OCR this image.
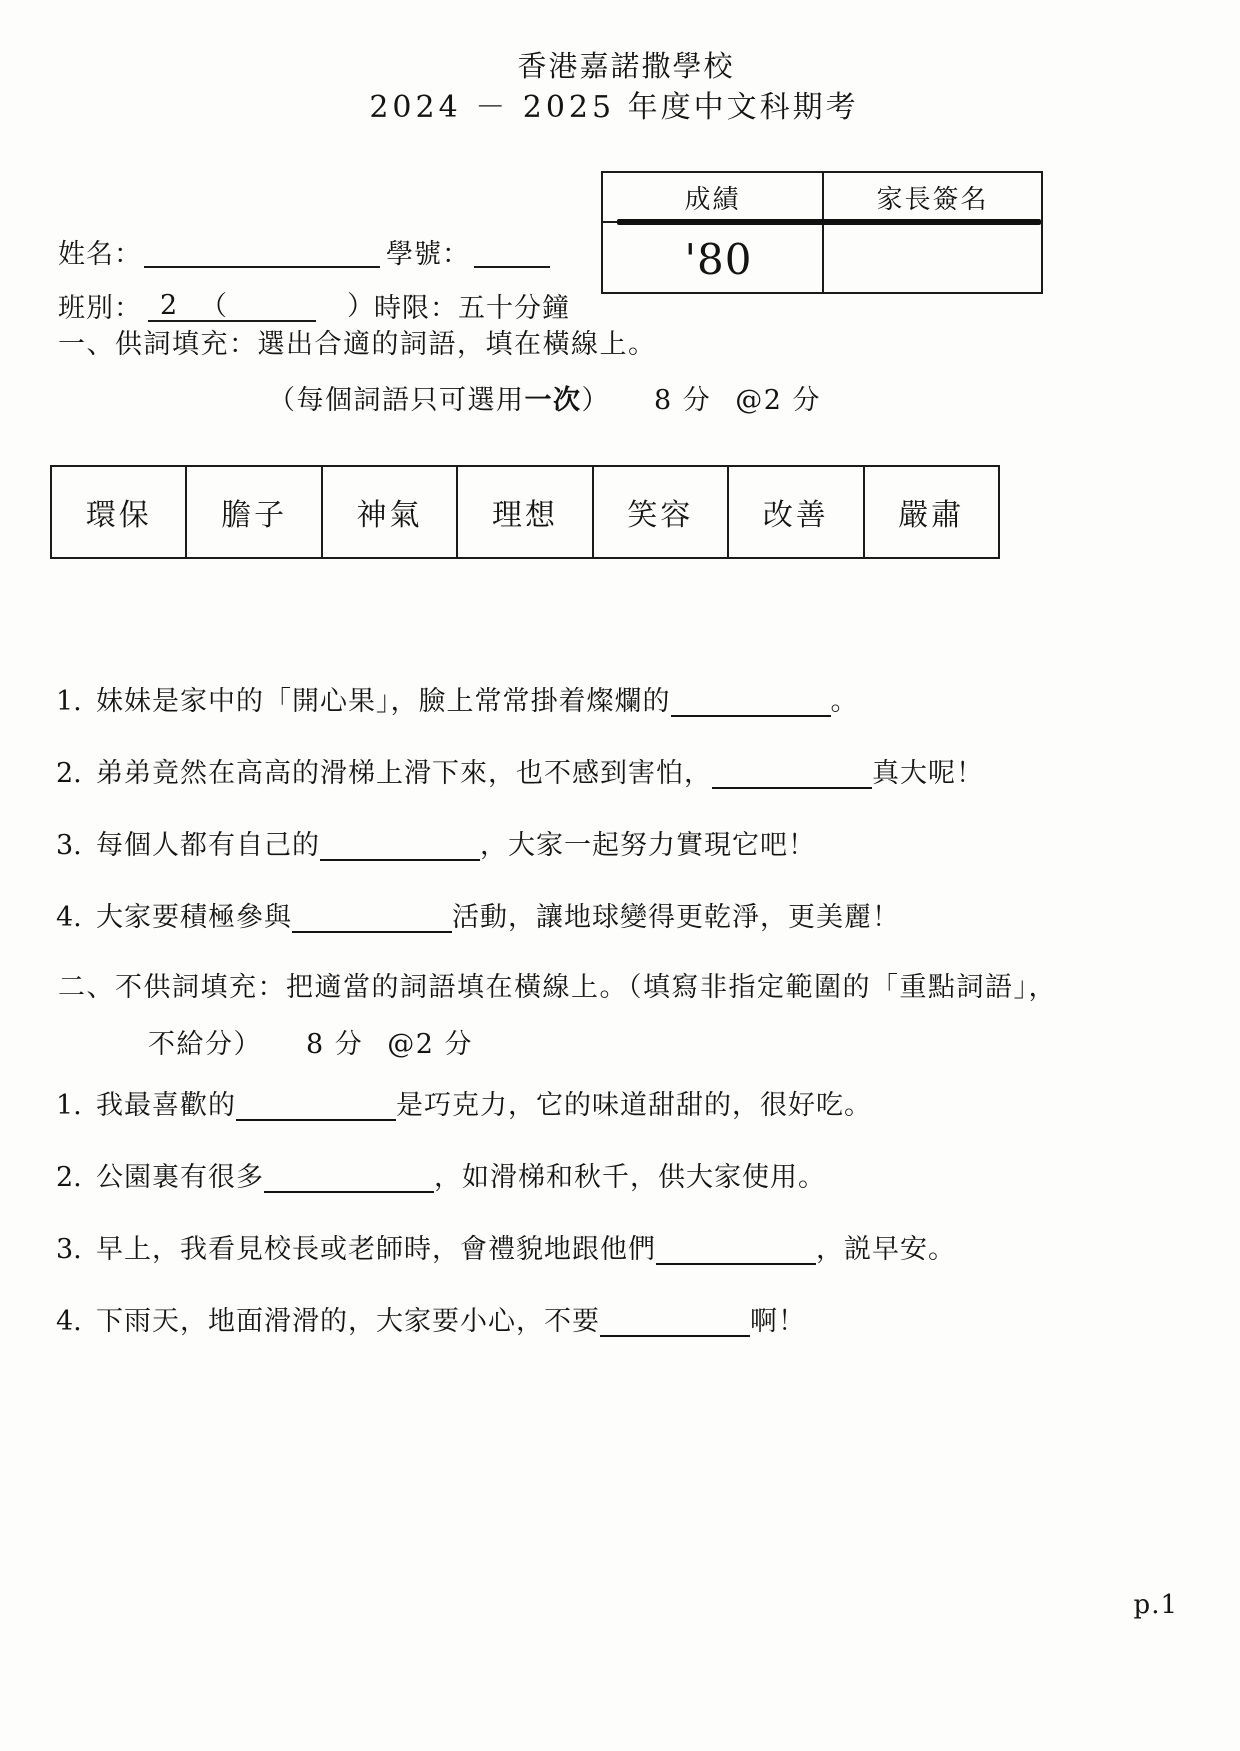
香港嘉諾撒學校
2024 － 2025 年度中文科期考
姓名：	學號：
班別： 2 （　　）
時限：五十分鐘
成績	家長簽名
'80
一、供詞填充：選出合適的詞語，填在橫線上。
（每個詞語只可選用一次） 8 分 @2 分
環保	膽子	神氣	理想	笑容	改善	嚴肅
1. 妹妹是家中的「開心果」，臉上常常掛着燦爛的	。
2. 弟弟竟然在高高的滑梯上滑下來，也不感到害怕，	真大呢！
3. 每個人都有自己的	，大家一起努力實現它吧！
4. 大家要積極參與	活動，讓地球變得更乾淨，更美麗！
二、不供詞填充：把適當的詞語填在橫線上。（填寫非指定範圍的「重點詞語」，
不給分） 8 分 @2 分
1. 我最喜歡的	是巧克力，它的味道甜甜的，很好吃。
2. 公園裏有很多	，如滑梯和秋千，供大家使用。
3. 早上，我看見校長或老師時，會禮貌地跟他們	，説早安。
4. 下雨天，地面滑滑的，大家要小心，不要	啊！
p.1
